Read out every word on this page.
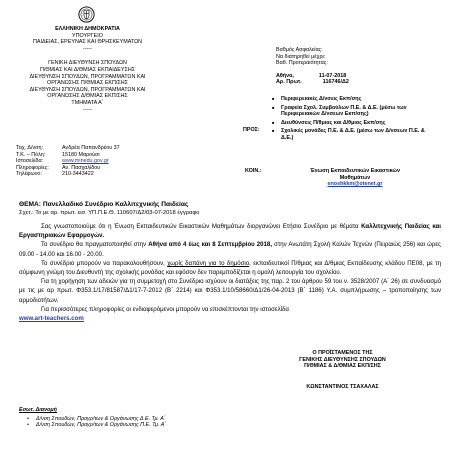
ΕΛΛΗΝΙΚΗ ΔΗΜΟΚΡΑΤΙΑ
ΥΠΟΥΡΓΕΙΟ
ΠΑΙΔΕΙΑΣ, ΕΡΕΥΝΑΣ ΚΑΙ ΘΡΗΣΚΕΥΜΑΤΩΝ
-----
ΓΕΝΙΚΗ ΔΙΕΥΘΥΝΣΗ ΣΠΟΥΔΩΝ
Π/ΘΜΙΑΣ ΚΑΙ Δ/ΘΜΙΑΣ ΕΚΠΑΙΔΕΥΣΗΣ
ΔΙΕΥΘΥΝΣΗ ΣΠΟΥΔΩΝ, ΠΡΟΓΡΑΜΜΑΤΩΝ ΚΑΙ
ΟΡΓΑΝΩΣΗΣ Π/ΘΜΙΑΣ ΕΚΠ/ΣΗΣ
ΔΙΕΥΘΥΝΣΗ ΣΠΟΥΔΩΝ, ΠΡΟΓΡΑΜΜΑΤΩΝ ΚΑΙ
ΟΡΓΑΝΩΣΗΣ Δ/ΘΜΙΑΣ ΕΚΠ/ΣΗΣ
ΤΜΗΜΑΤΑ Α΄
-----
Ταχ. Δ/νση:	Ανδρέα Παπανδρέου 37
Τ.Κ. – Πόλη:	15180 Μαρούσι
Ιστοσελίδα:	www.minedu.gov.gr
Πληροφορίες: Αν. Πασχαλίδου
Τηλέφωνο:	210-3443422
Βαθμός Ασφαλείας:
Να διατηρηθεί μέχρι:
Βαθ. Προτεραιότητας:
Αθήνα,	11-07-2018
Αρ. Πρωτ.	116746/Δ2
ΠΡΟΣ:
■ Περιφερειακές Δ/νσεις Εκπ/σης
■ Γραφεία Σχολ. Συμβούλων Π.Ε. & Δ.Ε. (μέσω των Περιφερειακών Δ/νσεων Εκπ/σης)
■ Διευθύνσεις Π/θμιας και Δ/θμιας Εκπ/σης
■ Σχολικές μονάδες Π.Ε. & Δ.Ε. (μέσω των Δ/νσεων Π.Ε. & Δ.Ε.)
ΚΟΙΝ.:	Ένωση Εκπαιδευτικών Εικαστικών
Μαθημάτων
enoshkkm@otenet.gr
ΘΕΜΑ: Πανελλαδικό Συνέδριο Καλλιτεχνικής Παιδείας
Σχετ.: Το με αρ. πρωτ. εισ. ΥΠ.Π.Ε.Θ. 110607/Δ2/03-07-2018 έγγραφο
Σας γνωστοποιούμε ότι η Ένωση Εκπαιδευτικών Εικαστικών Μαθημάτων διοργανώνει Ετήσιο Συνέδριο με θέματα Καλλιτεχνικής Παιδείας και Εργαστηριακών Εφαρμογών.
Το συνέδριο θα πραγματοποιηθεί στην Αθήνα από 4 έως και 8 Σεπτεμβρίου 2018, στην Ανωτάτη Σχολή Καλών Τεχνών (Πειραιώς 256) και ώρες 09.00 - 14.00 και 16.00 - 20.00.
Το συνέδριο μπορούν να παρακολουθήσουν, χωρίς δαπάνη για το δημόσιο, εκπαιδευτικοί Π/θμιας και Δ/θμιας Εκπαίδευσης κλάδου ΠΕ08, με τη σύμφωνη γνώμη του Διευθυντή της σχολικής μονάδας και εφόσον δεν παρεμποδίζεται η ομαλή λειτουργία του σχολείου.
Για τη χορήγηση των αδειών για τη συμμετοχή στο Συνέδριο ισχύουν οι διατάξεις της παρ. 2 του άρθρου 59 του ν. 3528/2007 (Α΄ 26) σε συνδυασμό με τις με αρ πρωτ. Φ353.1/17/81587/Δ1/17-7-2012 (Β΄ 2214) και Φ353.1/10/58660/Δ1/26-04-2013 (Β΄ 1186) Υ.Α. συμπλήρωσης – τροποποίησης των αρμοδιοτήτων.
Για περισσότερες πληροφορίες οι ενδιαφερόμενοι μπορούν να επισκέπτονται την ιστοσελίδα
www.art-teachers.com
Ο ΠΡΟΪΣΤΑΜΕΝΟΣ ΤΗΣ
ΓΕΝΙΚΗΣ ΔΙΕΥΘΥΝΣΗΣ ΣΠΟΥΔΩΝ
Π/ΘΜΙΑΣ & Δ/ΘΜΙΑΣ ΕΚΠ/ΣΗΣ
ΚΩΝΣΤΑΝΤΙΝΟΣ ΤΣΑΧΑΛΑΣ
Εσωτ. Διανομή
• Δ/νση Σπουδών, Προγρ/των & Οργάνωσης Δ.Ε. Τμ. Α΄
• Δ/νση Σπουδών, Προγρ/των & Οργάνωσης Π.Ε. Τμ. Α΄
